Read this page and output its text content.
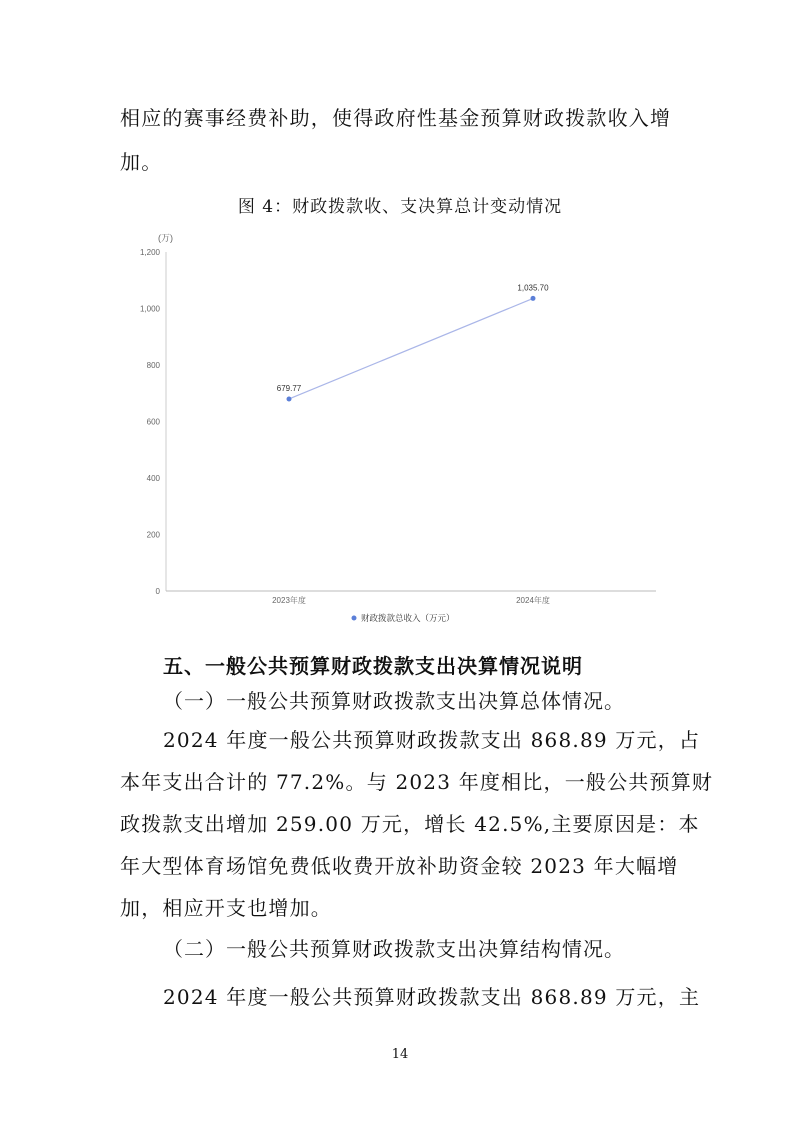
相应的赛事经费补助，使得政府性基金预算财政拨款收入增
加。
图 4：财政拨款收、支决算总计变动情况
(万)
0
200
400
600
800
1,000
1,200
2023年度	2024年度
679.77
1,035.70
财政拨款总收入（万元）
五、一般公共预算财政拨款支出决算情况说明
（一）一般公共预算财政拨款支出决算总体情况。
2024 年度一般公共预算财政拨款支出 868.89 万元，占
本年支出合计的 77.2%。与 2023 年度相比，一般公共预算财
政拨款支出增加 259.00 万元，增长 42.5%,主要原因是：本
年大型体育场馆免费低收费开放补助资金较 2023 年大幅增
加，相应开支也增加。
（二）一般公共预算财政拨款支出决算结构情况。
2024 年度一般公共预算财政拨款支出 868.89 万元，主
14
